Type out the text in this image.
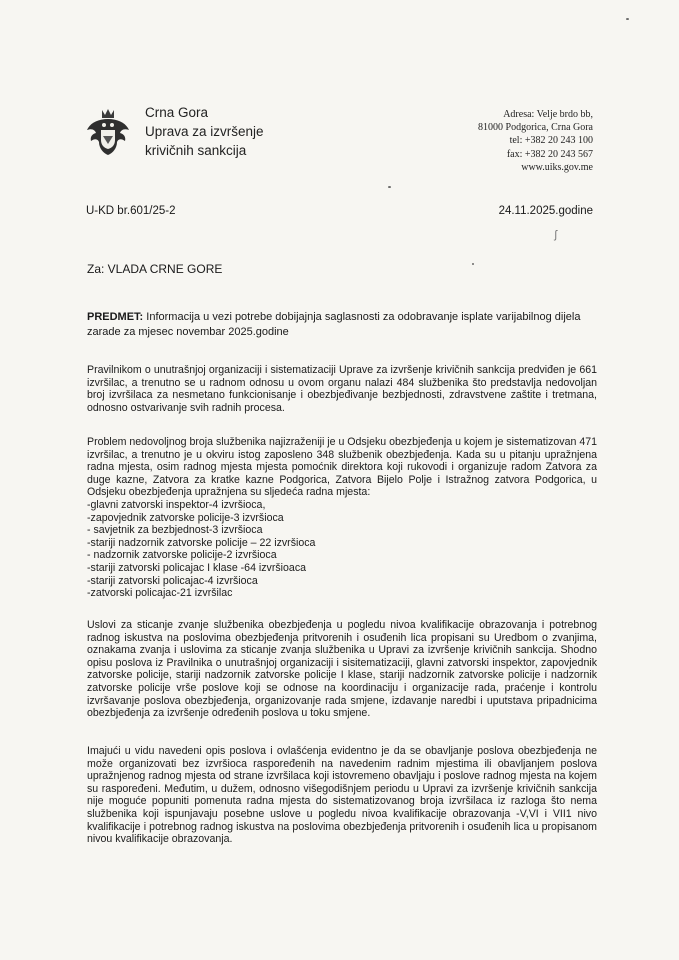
Crna Gora
Uprava za izvršenje
krivičnih sankcija
Adresa: Velje brdo bb,
81000 Podgorica, Crna Gora
tel: +382 20 243 100
fax: +382 20 243 567
www.uiks.gov.me
U-KD br.601/25-2	24.11.2025.godine
ʃ
Za: VLADA CRNE GORE
PREDMET: Informacija u vezi potrebe dobijajnja saglasnosti za odobravanje isplate varijabilnog dijela zarade za mjesec novembar 2025.godine
Pravilnikom o unutrašnjoj organizaciji i sistematizaciji Uprave za izvršenje krivičnih sankcija predviđen je 661 izvršilac, a trenutno se u radnom odnosu u ovom organu nalazi 484 službenika što predstavlja nedovoljan broj izvršilaca za nesmetano funkcionisanje i obezbjeđivanje bezbjednosti, zdravstvene zaštite i tretmana, odnosno ostvarivanje svih radnih procesa.
Problem nedovoljnog broja službenika najizraženiji je u Odsjeku obezbjeđenja u kojem je sistematizovan 471 izvršilac, a trenutno je u okviru istog zaposleno 348 službenik obezbjeđenja. Kada su u pitanju upražnjena radna mjesta, osim radnog mjesta mjesta pomoćnik direktora koji rukovodi i organizuje radom Zatvora za duge kazne, Zatvora za kratke kazne Podgorica, Zatvora Bijelo Polje i Istražnog zatvora Podgorica, u Odsjeku obezbjeđenja upražnjena su sljedeća radna mjesta:
-glavni zatvorski inspektor-4 izvršioca,
-zapovjednik zatvorske policije-3 izvršioca
- savjetnik za bezbjednost-3 izvršioca
-stariji nadzornik zatvorske policije – 22 izvršioca
- nadzornik zatvorske policije-2 izvršioca
-stariji zatvorski policajac I klase -64 izvršioaca
-stariji zatvorski policajac-4 izvršioca
-zatvorski policajac-21 izvršilac
Uslovi za sticanje zvanje službenika obezbjeđenja u pogledu nivoa kvalifikacije obrazovanja i potrebnog radnog iskustva na poslovima obezbjeđenja pritvorenih i osuđenih lica propisani su Uredbom o zvanjima, oznakama zvanja i uslovima za sticanje zvanja službenika u Upravi za izvršenje krivičnih sankcija. Shodno opisu poslova iz Pravilnika o unutrašnjoj organizaciji i sisitematizaciji, glavni zatvorski inspektor, zapovjednik zatvorske policije, stariji nadzornik zatvorske policije I klase, stariji nadzornik zatvorske policije i nadzornik zatvorske policije vrše poslove koji se odnose na koordinaciju i organizacije rada, praćenje i kontrolu izvršavanje poslova obezbjeđenja, organizovanje rada smjene, izdavanje naredbi i uputstava pripadnicima obezbjeđenja za izvršenje određenih poslova u toku smjene.
Imajući u vidu navedeni opis poslova i ovlašćenja evidentno je da se obavljanje poslova obezbjeđenja ne može organizovati bez izvršioca raspoređenih na navedenim radnim mjestima ili obavljanjem poslova upražnjenog radnog mjesta od strane izvršilaca koji istovremeno obavljaju i poslove radnog mjesta na kojem su raspoređeni. Međutim, u dužem, odnosno višegodišnjem periodu u Upravi za izvršenje krivičnih sankcija nije moguće popuniti pomenuta radna mjesta do sistematizovanog broja izvršilaca iz razloga što nema službenika koji ispunjavaju posebne uslove u pogledu nivoa kvalifikacije obrazovanja -V,VI i VII1 nivo kvalifikacije i potrebnog radnog iskustva na poslovima obezbjeđenja pritvorenih i osuđenih lica u propisanom nivou kvalifikacije obrazovanja.
